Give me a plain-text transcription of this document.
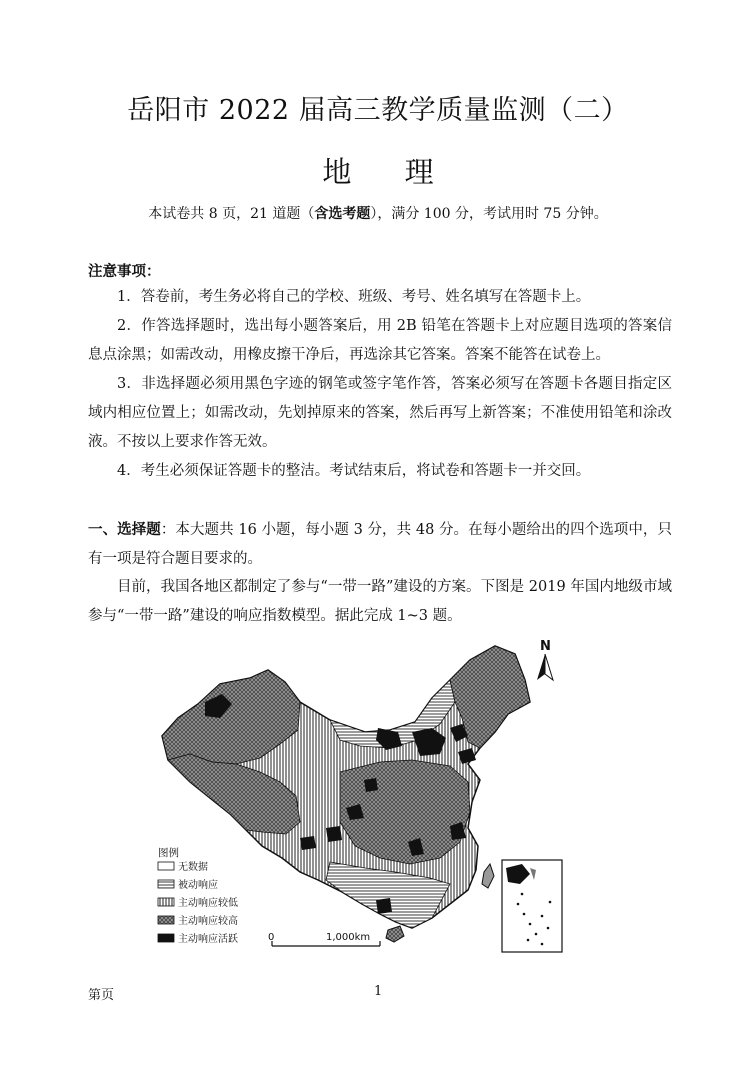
岳阳市 2022 届高三教学质量监测（二）
地 理
本试卷共 8 页，21 道题（含选考题），满分 100 分，考试用时 75 分钟。
注意事项：
1．答卷前，考生务必将自己的学校、班级、考号、姓名填写在答题卡上。
2．作答选择题时，选出每小题答案后，用 2B 铅笔在答题卡上对应题目选项的答案信息点涂黑；如需改动，用橡皮擦干净后，再选涂其它答案。答案不能答在试卷上。
3．非选择题必须用黑色字迹的钢笔或签字笔作答，答案必须写在答题卡各题目指定区域内相应位置上；如需改动，先划掉原来的答案，然后再写上新答案；不准使用铅笔和涂改液。不按以上要求作答无效。
4．考生必须保证答题卡的整洁。考试结束后，将试卷和答题卡一并交回。
一、选择题：本大题共 16 小题，每小题 3 分，共 48 分。在每小题给出的四个选项中，只有一项是符合题目要求的。
目前，我国各地区都制定了参与“一带一路”建设的方案。下图是 2019 年国内地级市域参与“一带一路”建设的响应指数模型。据此完成 1~3 题。
N
图例
无数据
被动响应
主动响应较低
主动响应较高
主动响应活跃	0	1,000km
第页	1
